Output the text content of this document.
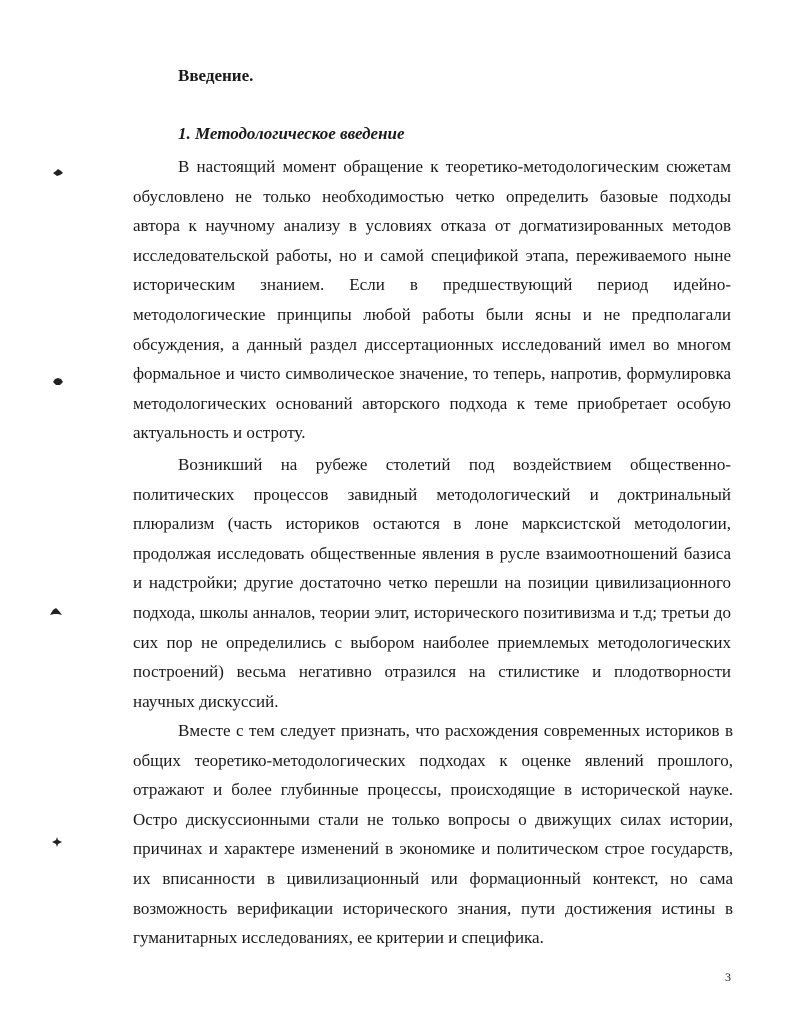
Введение.
1. Методологическое введение

В настоящий момент обращение к теоретико-методологическим сюжетам обусловлено не только необходимостью четко определить базовые подходы автора к научному анализу в условиях отказа от догматизированных методов исследовательской работы, но и самой спецификой этапа, переживаемого ныне историческим знанием. Если в предшествующий период идейно-методологические принципы любой работы были ясны и не предполагали обсуждения, а данный раздел диссертационных исследований имел во многом формальное и чисто символическое значение, то теперь, напротив, формулировка методологических оснований авторского подхода к теме приобретает особую актуальность и остроту.

Возникший на рубеже столетий под воздействием общественно-политических процессов завидный методологический и доктринальный плюрализм (часть историков остаются в лоне марксистской методологии, продолжая исследовать общественные явления в русле взаимоотношений базиса и надстройки; другие достаточно четко перешли на позиции цивилизационного подхода, школы анналов, теории элит, исторического позитивизма и т.д; третьи до сих пор не определились с выбором наиболее приемлемых методологических построений) весьма негативно отразился на стилистике и плодотворности научных дискуссий.

Вместе с тем следует признать, что расхождения современных историков в общих теоретико-методологических подходах к оценке явлений прошлого, отражают и более глубинные процессы, происходящие в исторической науке. Остро дискуссионными стали не только вопросы о движущих силах истории, причинах и характере изменений в экономике и политическом строе государств, их вписанности в цивилизационный или формационный контекст, но сама возможность верификации исторического знания, пути достижения истины в гуманитарных исследованиях, ее критерии и специфика.

3
